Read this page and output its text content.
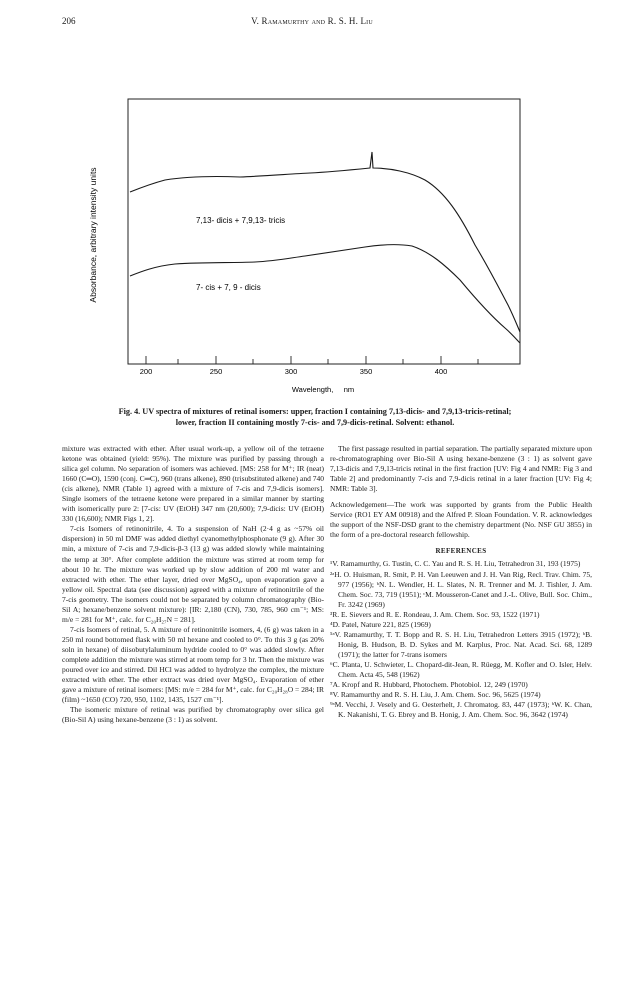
206	V. Ramamurthy and R. S. H. Liu
200	250	300	350	400
Absorbance, arbitrary intensity units
Wavelength,     nm
7,13- dicis + 7,9,13- tricis
7- cis + 7, 9 - dicis
Fig. 4. UV spectra of mixtures of retinal isomers: upper, fraction I containing 7,13-dicis- and 7,9,13-tricis-retinal;
lower, fraction II containing mostly 7-cis- and 7,9-dicis-retinal. Solvent: ethanol.

mixture was extracted with ether. After usual work-up, a yellow oil of the tetraene ketone was obtained (yield: 95%). The mixture was purified by passing through a silica gel column. No separation of isomers was achieved. [MS: 258 for M⁺; IR (neat) 1660 (C═O), 1590 (conj. C═C), 960 (trans alkene), 890 (trisubstituted alkene) and 740 (cis alkene), NMR (Table 1) agreed with a mixture of 7-cis and 7,9-dicis isomers]. Single isomers of the tetraene ketone were prepared in a similar manner by starting with isomerically pure 2: [7-cis: UV (EtOH) 347 nm (20,600); 7,9-dicis: UV (EtOH) 330 (16,600); NMR Figs 1, 2].

7-cis Isomers of retinonitrile, 4. To a suspension of NaH (2·4 g as ~57% oil dispersion) in 50 ml DMF was added diethyl cyanomethylphosphonate (9 g). After 30 min, a mixture of 7-cis and 7,9-dicis-β-3 (13 g) was added slowly while maintaining the temp at 30°. After complete addition the mixture was stirred at room temp for about 10 hr. The mixture was worked up by slow addition of 200 ml water and extracted with ether. The ether layer, dried over MgSO₄, upon evaporation gave a yellow oil. Spectral data (see discussion) agreed with a mixture of retinonitrile of the 7-cis geometry. The isomers could not be separated by column chromatography (Bio-Sil A; hexane/benzene solvent mixture): [IR: 2,180 (CN), 730, 785, 960 cm⁻¹; MS: m/e = 281 for M⁺, calc. for C₂₀H₂₇N = 281].

7-cis Isomers of retinal, 5. A mixture of retinonitrile isomers, 4, (6 g) was taken in a 250 ml round bottomed flask with 50 ml hexane and cooled to 0°. To this 3 g (as 20% soln in hexane) of diisobutylaluminum hydride cooled to 0° was added slowly. After complete addition the mixture was stirred at room temp for 3 hr. Then the mixture was poured over ice and stirred. Dil HCl was added to hydrolyze the complex, the mixture extracted with ether. The ether extract was dried over MgSO₄. Evaporation of ether gave a mixture of retinal isomers: [MS: m/e = 284 for M⁺, calc. for C₂₀H₂₈O = 284; IR (film) ~1650 (CO) 720, 950, 1102, 1435, 1527 cm⁻¹].

The isomeric mixture of retinal was purified by chromatography over silica gel (Bio-Sil A) using hexane-benzene (3 : 1) as solvent.

The first passage resulted in partial separation. The partially separated mixture upon re-chromatographing over Bio-Sil A using hexane-benzene (3 : 1) as solvent gave 7,13-dicis and 7,9,13-tricis retinal in the first fraction [UV: Fig 4 and NMR: Fig 3 and Table 2] and predominantly 7-cis and 7,9-dicis retinal in a later fraction [UV: Fig 4; NMR: Table 3].

Acknowledgement—The work was supported by grants from the Public Health Service (RO1 EY AM 00918) and the Alfred P. Sloan Foundation. V. R. acknowledges the support of the NSF-DSD grant to the chemistry department (No. NSF GU 3855) in the form of a pre-doctoral research fellowship.

REFERENCES

¹V. Ramamurthy, G. Tustin, C. C. Yau and R. S. H. Liu, Tetrahedron 31, 193 (1975)

²ᵃH. O. Huisman, R. Smit, P. H. Van Leeuwen and J. H. Van Rig, Recl. Trav. Chim. 75, 977 (1956); ᵇN. L. Wendler, H. L. Slates, N. R. Trenner and M. J. Tishler, J. Am. Chem. Soc. 73, 719 (1951); ᶜM. Mousseron-Canet and J.-L. Olive, Bull. Soc. Chim., Fr. 3242 (1969)

³R. E. Sievers and R. E. Rondeau, J. Am. Chem. Soc. 93, 1522 (1971)

⁴D. Patel, Nature 221, 825 (1969)

⁵ᵃV. Ramamurthy, T. T. Bopp and R. S. H. Liu, Tetrahedron Letters 3915 (1972); ᵇB. Honig, B. Hudson, B. D. Sykes and M. Karplus, Proc. Nat. Acad. Sci. 68, 1289 (1971); the latter for 7-trans isomers

⁶C. Planta, U. Schwieter, L. Chopard-dit-Jean, R. Rüegg, M. Kofler and O. Isler, Helv. Chem. Acta 45, 548 (1962)

⁷A. Kropf and R. Hubbard, Photochem. Photobiol. 12, 249 (1970)

⁸V. Ramamurthy and R. S. H. Liu, J. Am. Chem. Soc. 96, 5625 (1974)

⁹ᵃM. Vecchi, J. Vesely and G. Oesterhelt, J. Chromatog. 83, 447 (1973); ᵇW. K. Chan, K. Nakanishi, T. G. Ebrey and B. Honig, J. Am. Chem. Soc. 96, 3642 (1974)
